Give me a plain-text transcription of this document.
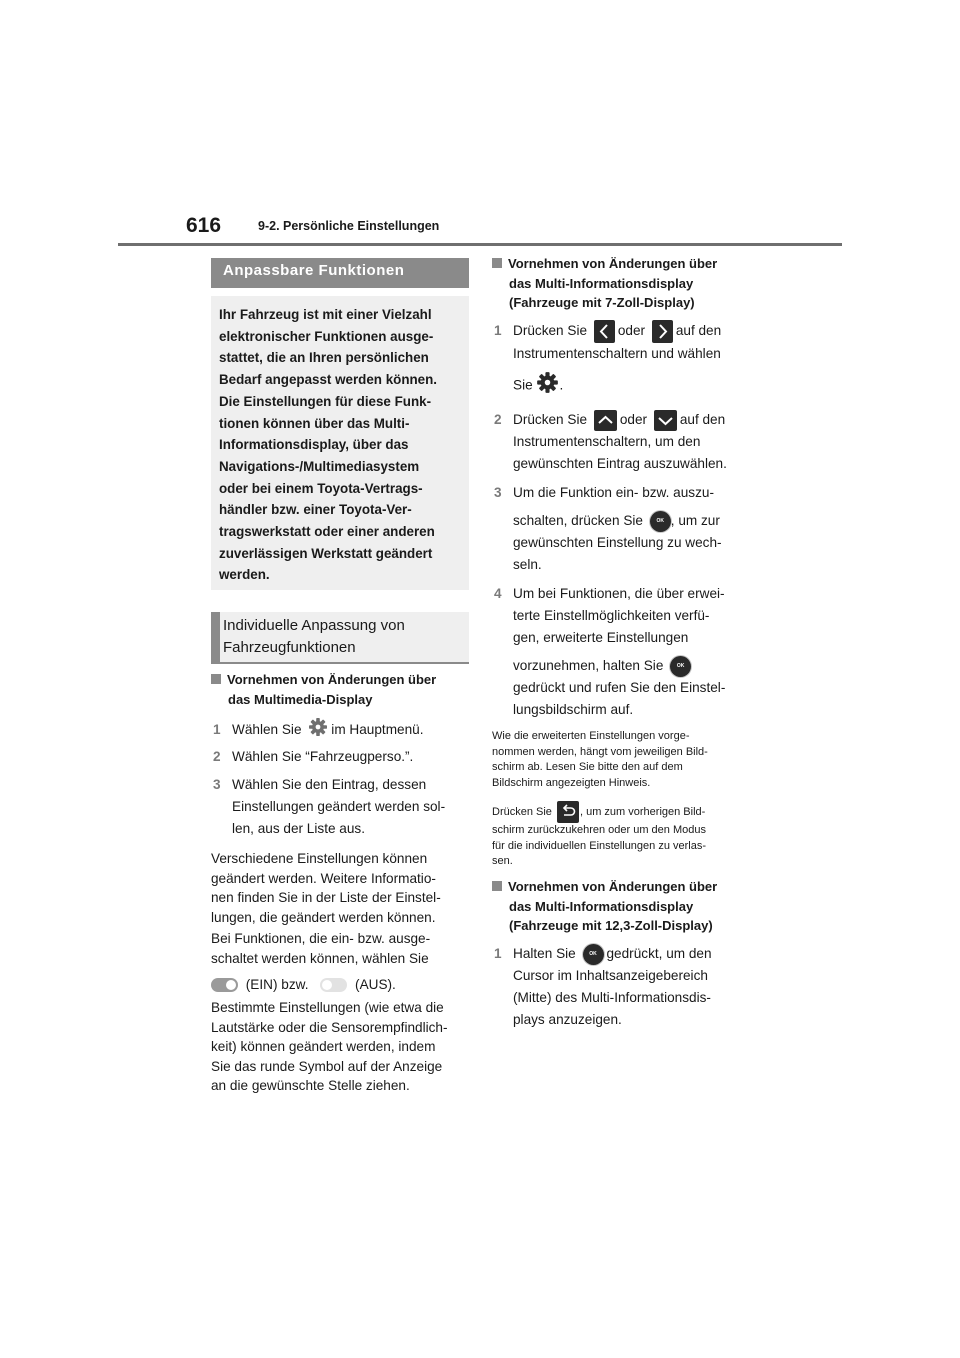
616	9-2. Persönliche Einstellungen
Anpassbare Funktionen
Ihr Fahrzeug ist mit einer Vielzahl
elektronischer Funktionen ausge-
stattet, die an Ihren persönlichen
Bedarf angepasst werden können.
Die Einstellungen für diese Funk-
tionen können über das Multi-
Informationsdisplay, über das
Navigations-/Multimediasystem
oder bei einem Toyota-Vertrags-
händler bzw. einer Toyota-Ver-
tragswerkstatt oder einer anderen
zuverlässigen Werkstatt geändert
werden.
Individuelle Anpassung von
Fahrzeugfunktionen
Vornehmen von Änderungen über
das Multimedia-Display
1 Wählen Sie im Hauptmenü.
2 Wählen Sie “Fahrzeugperso.”.
3 Wählen Sie den Eintrag, dessen
Einstellungen geändert werden sol-
len, aus der Liste aus.
Verschiedene Einstellungen können
geändert werden. Weitere Informatio-
nen finden Sie in der Liste der Einstel-
lungen, die geändert werden können.
Bei Funktionen, die ein- bzw. ausge-
schaltet werden können, wählen Sie
(EIN) bzw.	(AUS).
Bestimmte Einstellungen (wie etwa die
Lautstärke oder die Sensorempfindlich-
keit) können geändert werden, indem
Sie das runde Symbol auf der Anzeige
an die gewünschte Stelle ziehen.
Vornehmen von Änderungen über
das Multi-Informationsdisplay
(Fahrzeuge mit 7-Zoll-Display)
1 Drücken Sie oder auf den
Instrumentenschaltern und wählen
Sie .
2 Drücken Sie oder auf den
Instrumentenschaltern, um den
gewünschten Eintrag auszuwählen.
3 Um die Funktion ein- bzw. auszu-
schalten, drücken Sie	OK , um zur
gewünschten Einstellung zu wech-
seln.
4 Um bei Funktionen, die über erwei-
terte Einstellmöglichkeiten verfü-
gen, erweiterte Einstellungen
vorzunehmen, halten Sie	OK
gedrückt und rufen Sie den Einstel-
lungsbildschirm auf.
Wie die erweiterten Einstellungen vorge-
nommen werden, hängt vom jeweiligen Bild-
schirm ab. Lesen Sie bitte den auf dem
Bildschirm angezeigten Hinweis.
Drücken Sie	, um zum vorherigen Bild-
schirm zurückzukehren oder um den Modus
für die individuellen Einstellungen zu verlas-
sen.
Vornehmen von Änderungen über
das Multi-Informationsdisplay
(Fahrzeuge mit 12,3-Zoll-Display)
1 Halten Sie	OK gedrückt, um den
Cursor im Inhaltsanzeigebereich
(Mitte) des Multi-Informationsdis-
plays anzuzeigen.
